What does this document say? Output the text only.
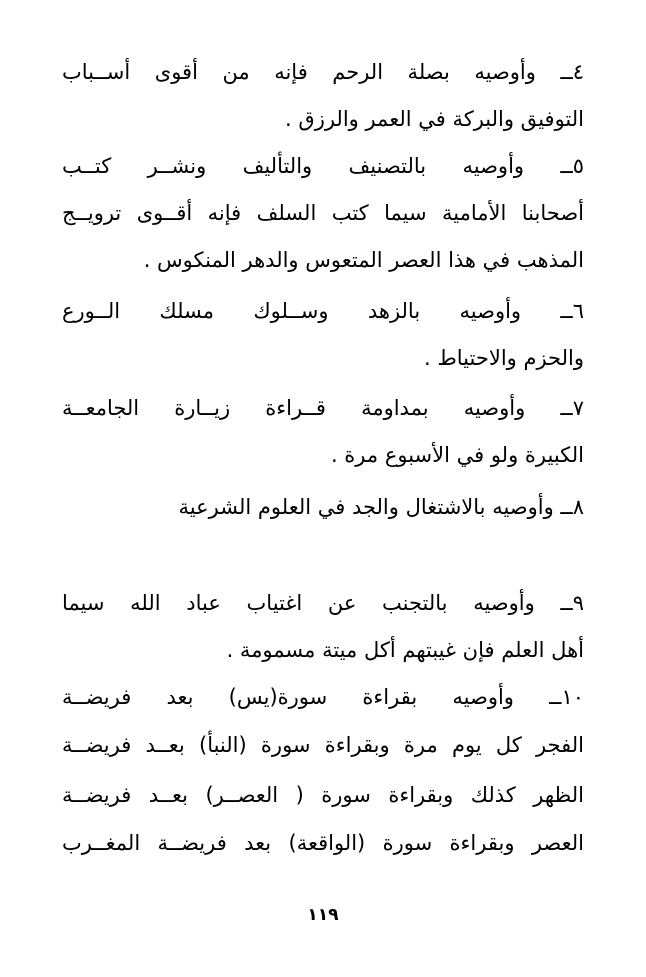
٤ــ وأوصيه بصلة الرحم فإنه من أقوى أســباب
التوفيق والبركة في العمر والرزق .
٥ــ وأوصيه بالتصنيف والتأليف ونشــر كتــب
أصحابنا الأمامية سيما كتب السلف فإنه أقــوى ترويــج
المذهب في هذا العصر المتعوس والدهر المنكوس .
٦ــ وأوصيه بالزهد وســلوك مسلك الــورع
والحزم والاحتياط .
٧ــ وأوصيه بمداومة قــراءة زيــارة الجامعــة
الكبيرة ولو في الأسبوع مرة .
٨ــ وأوصيه بالاشتغال والجد في العلوم الشرعية
٩ــ وأوصيه بالتجنب عن اغتياب عباد الله سيما
أهل العلم فإن غيبتهم أكل ميتة مسمومة .
١٠ــ وأوصيه بقراءة سورة(يس) بعد فريضــة
الفجر كل يوم مرة وبقراءة سورة (النبأ) بعــد فريضــة
الظهر كذلك وبقراءة سورة ( العصــر) بعــد فريضــة
العصر وبقراءة سورة (الواقعة) بعد فريضــة المغــرب
١١٩
